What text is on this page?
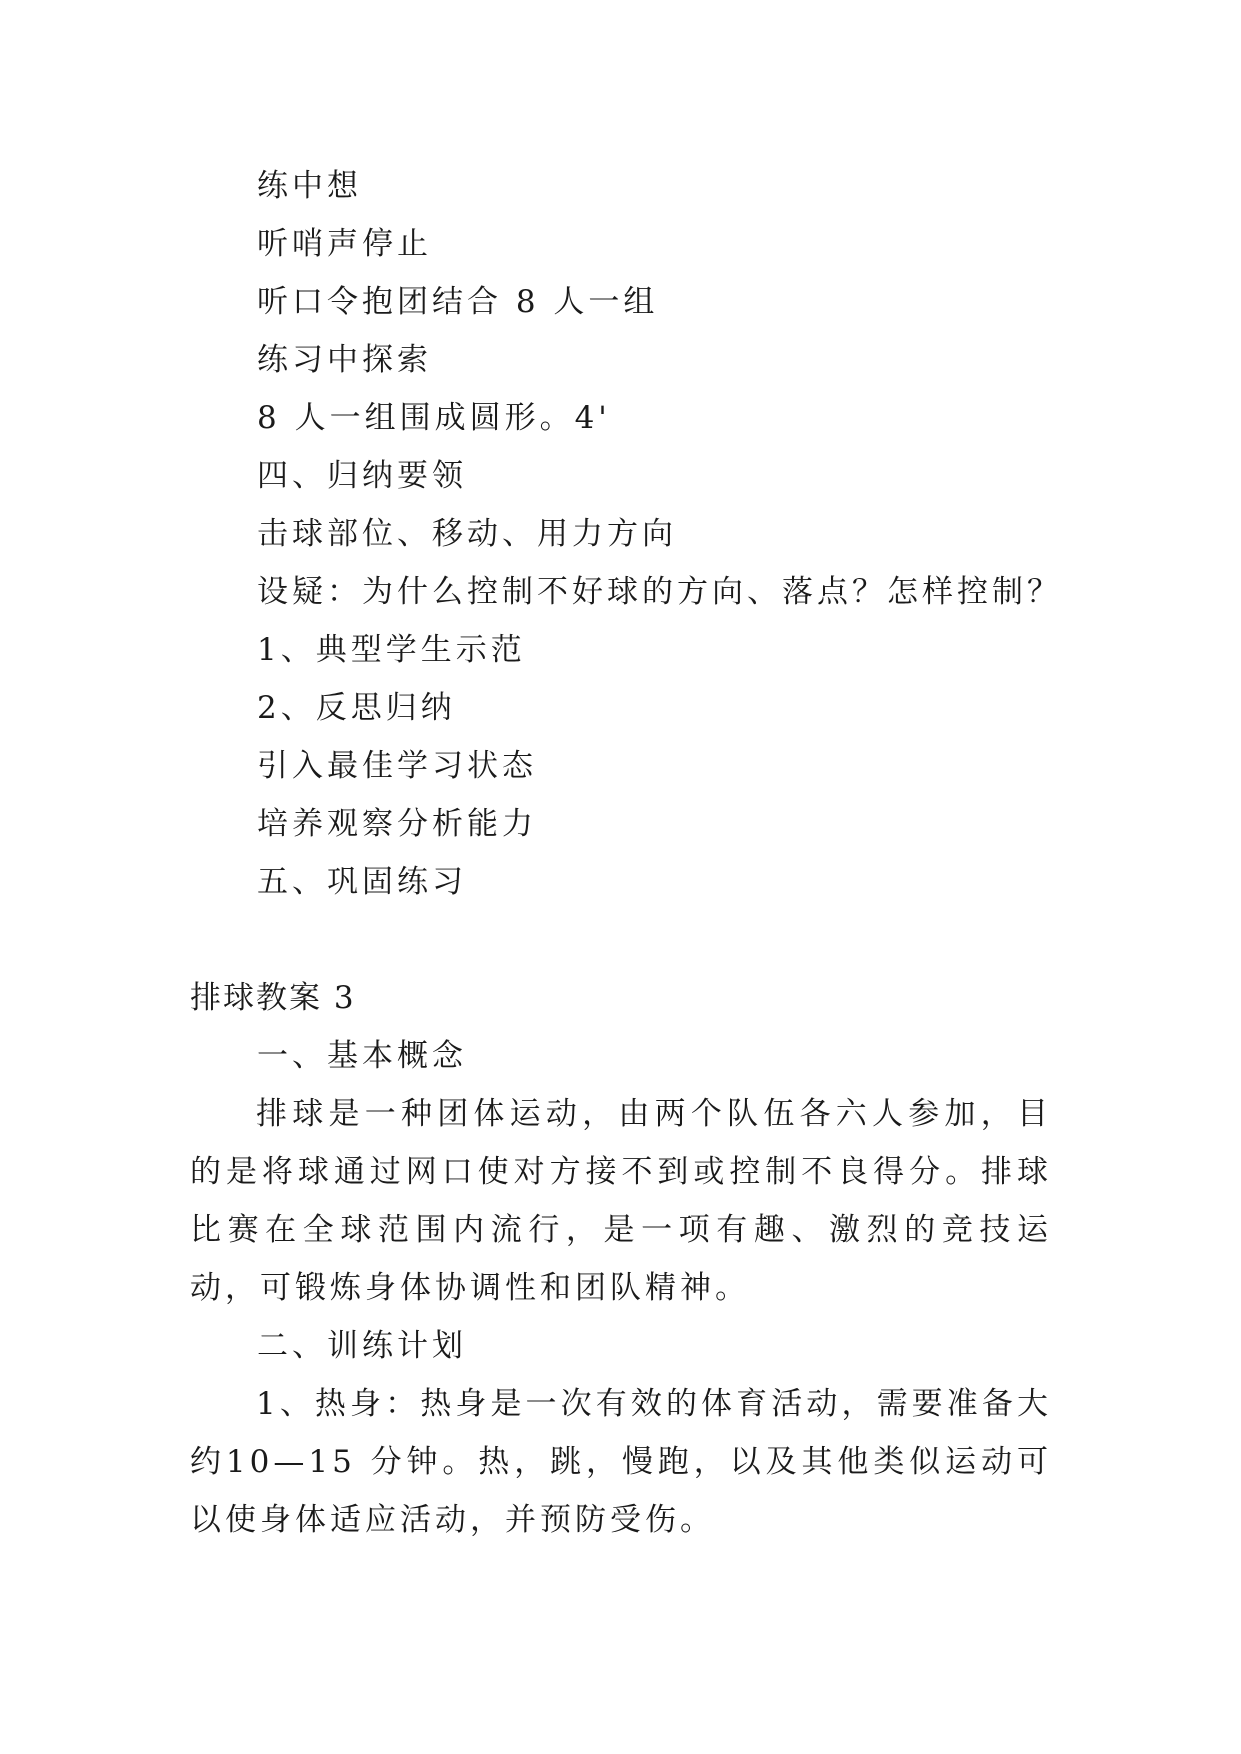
练中想
听哨声停止
听口令抱团结合 8 人一组
练习中探索
8 人一组围成圆形。4'
四、归纳要领
击球部位、移动、用力方向
设疑：为什么控制不好球的方向、落点？怎样控制？
1、典型学生示范
2、反思归纳
引入最佳学习状态
培养观察分析能力
五、巩固练习
排球教案 3
一、基本概念
排球是一种团体运动，由两个队伍各六人参加，目的是将球通过网口使对方接不到或控制不良得分。排球比赛在全球范围内流行，是一项有趣、激烈的竞技运动，可锻炼身体协调性和团队精神。
二、训练计划
1、热身：热身是一次有效的体育活动，需要准备大约10—15 分钟。热，跳，慢跑，以及其他类似运动可以使身体适应活动，并预防受伤。
